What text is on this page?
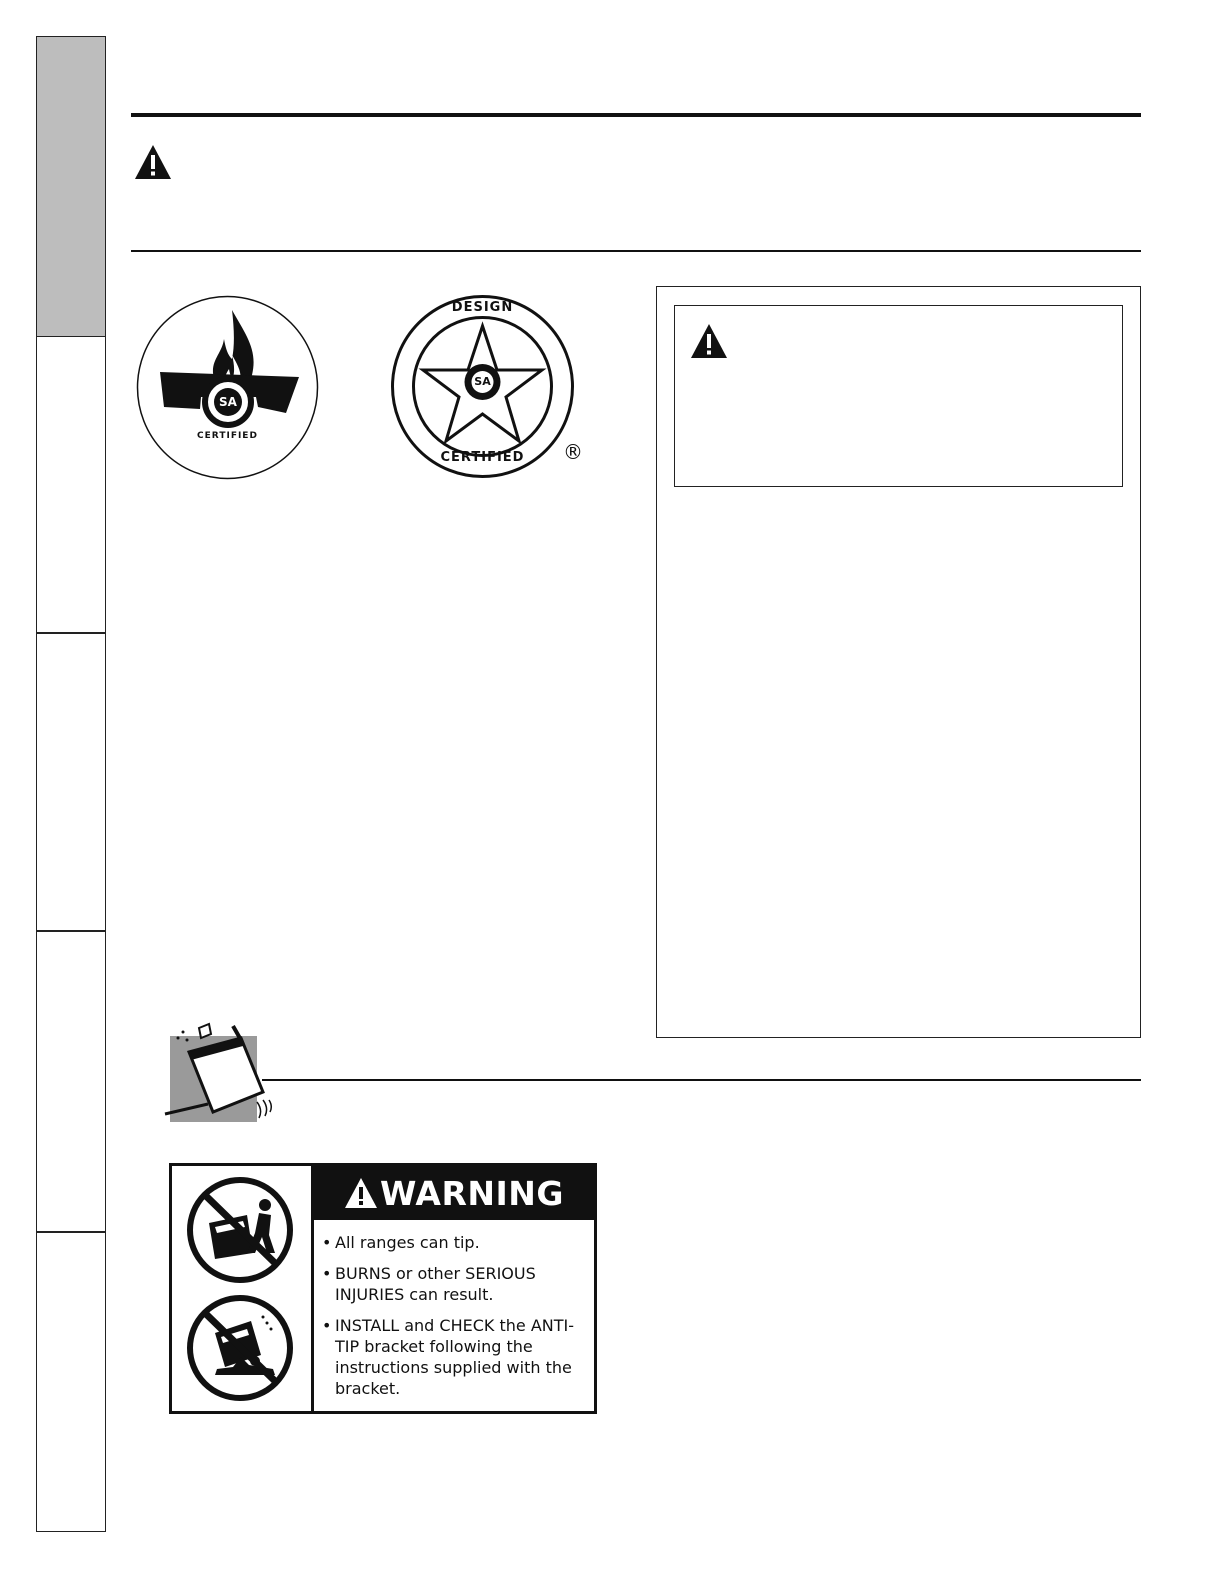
SA
CERTIFIED
DESIGN
SA
CERTIFIED	®
WARNING
• All ranges can tip.
• BURNS or other SERIOUS INJURIES can result.
• INSTALL and CHECK the ANTI-TIP bracket following the instructions supplied with the bracket.
